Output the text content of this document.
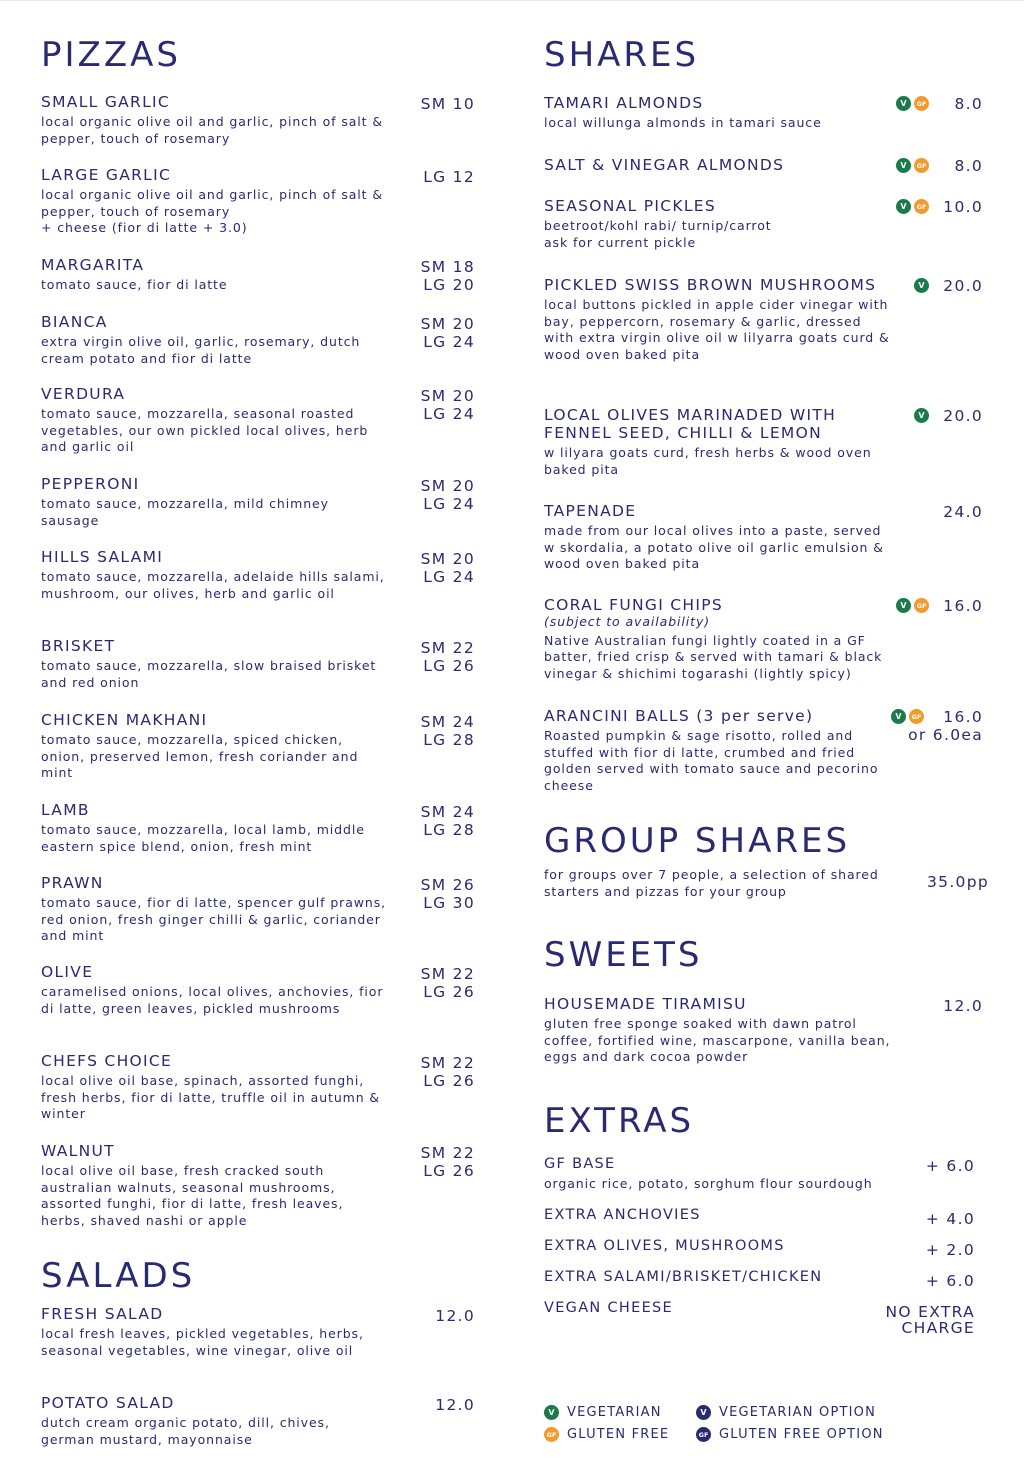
PIZZAS
SMALL GARLIC
local organic olive oil and garlic, pinch of salt & pepper, touch of rosemary
SM 10
LARGE GARLIC
local organic olive oil and garlic, pinch of salt & pepper, touch of rosemary
+ cheese (fior di latte + 3.0)
LG 12
MARGARITA
tomato sauce, fior di latte
SM 18
LG 20
BIANCA
extra virgin olive oil, garlic, rosemary, dutch cream potato and fior di latte
SM 20
LG 24
VERDURA
tomato sauce, mozzarella, seasonal roasted vegetables, our own pickled local olives, herb and garlic oil
SM 20
LG 24
PEPPERONI
tomato sauce, mozzarella, mild chimney sausage
SM 20
LG 24
HILLS SALAMI
tomato sauce, mozzarella, adelaide hills salami, mushroom, our olives, herb and garlic oil
SM 20
LG 24
BRISKET
tomato sauce, mozzarella, slow braised brisket and red onion
SM 22
LG 26
CHICKEN MAKHANI
tomato sauce, mozzarella, spiced chicken, onion, preserved lemon, fresh coriander and mint
SM 24
LG 28
LAMB
tomato sauce, mozzarella, local lamb, middle eastern spice blend, onion, fresh mint
SM 24
LG 28
PRAWN
tomato sauce, fior di latte, spencer gulf prawns, red onion, fresh ginger chilli & garlic, coriander and mint
SM 26
LG 30
OLIVE
caramelised onions, local olives, anchovies, fior di latte, green leaves, pickled mushrooms
SM 22
LG 26
CHEFS CHOICE
local olive oil base, spinach, assorted funghi, fresh herbs, fior di latte, truffle oil in autumn & winter
SM 22
LG 26
WALNUT
local olive oil base, fresh cracked south australian walnuts, seasonal mushrooms, assorted funghi, fior di latte, fresh leaves, herbs, shaved nashi or apple
SM 22
LG 26
SALADS
FRESH SALAD
local fresh leaves, pickled vegetables, herbs, seasonal vegetables, wine vinegar, olive oil
12.0
POTATO SALAD
dutch cream organic potato, dill, chives, german mustard, mayonnaise
12.0
SHARES
TAMARI ALMONDS
local willunga almonds in tamari sauce
V	GF 8.0
SALT & VINEGAR ALMONDS	V	GF 8.0
SEASONAL PICKLES
beetroot/kohl rabi/ turnip/carrot
ask for current pickle
V	GF 10.0
PICKLED SWISS BROWN MUSHROOMS
local buttons pickled in apple cider vinegar with bay, peppercorn, rosemary & garlic, dressed with extra virgin olive oil w lilyarra goats curd & wood oven baked pita
V 20.0
LOCAL OLIVES MARINADED WITH FENNEL SEED, CHILLI & LEMON
w lilyara goats curd, fresh herbs & wood oven baked pita
V 20.0
TAPENADE
made from our local olives into a paste, served w skordalia, a potato olive oil garlic emulsion & wood oven baked pita
24.0
CORAL FUNGI CHIPS
(subject to availability)
Native Australian fungi lightly coated in a GF batter, fried crisp & served with tamari & black vinegar & shichimi togarashi (lightly spicy)
V	GF 16.0
ARANCINI BALLS (3 per serve)
Roasted pumpkin & sage risotto, rolled and stuffed with fior di latte, crumbed and fried golden served with tomato sauce and pecorino cheese
V	GF	16.0
or 6.0ea
GROUP SHARES
for groups over 7 people, a selection of shared starters and pizzas for your group	35.0pp
SWEETS
HOUSEMADE TIRAMISU
gluten free sponge soaked with dawn patrol coffee, fortified wine, mascarpone, vanilla bean, eggs and dark cocoa powder
12.0
EXTRAS
GF BASE
organic rice, potato, sorghum flour sourdough
+ 6.0
EXTRA ANCHOVIES	+ 4.0
EXTRA OLIVES, MUSHROOMS	+ 2.0
EXTRA SALAMI/BRISKET/CHICKEN	+ 6.0
VEGAN CHEESE	NO EXTRA
CHARGE
V VEGETARIAN	V VEGETARIAN OPTION
GF GLUTEN FREE	GF GLUTEN FREE OPTION
